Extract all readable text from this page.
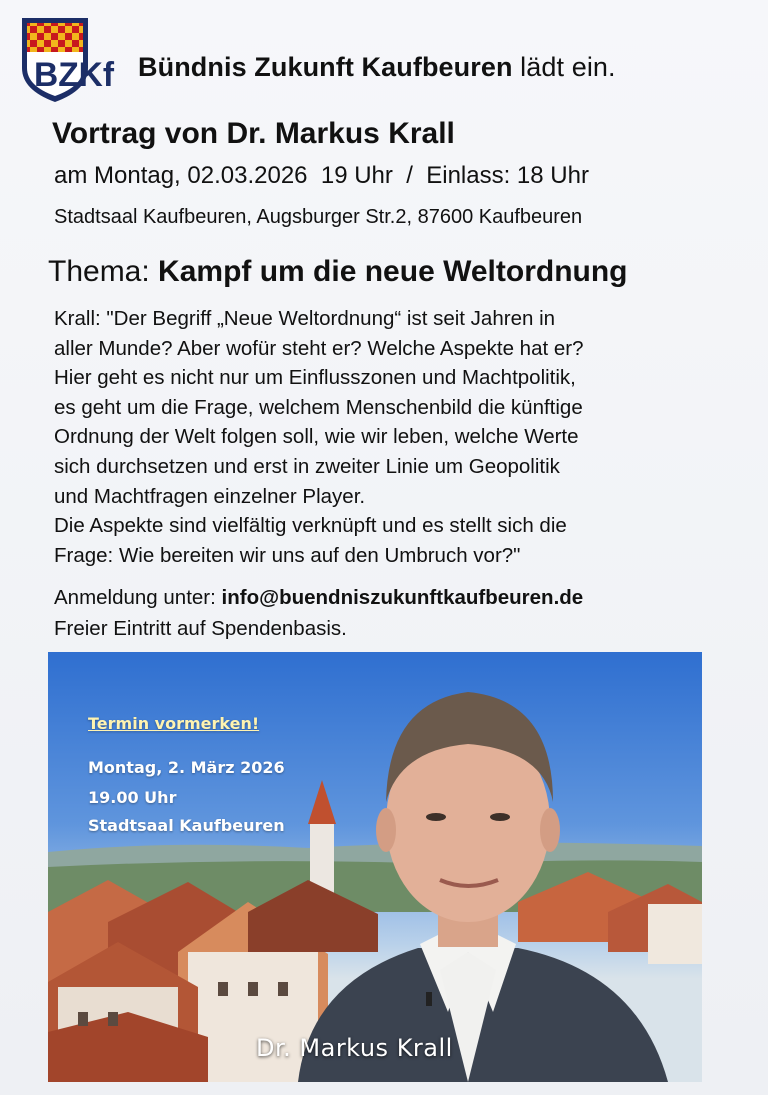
BZKf Bündnis Zukunft Kaufbeuren lädt ein.
Vortrag von Dr. Markus Krall
am Montag, 02.03.2026  19 Uhr  /  Einlass: 18 Uhr
Stadtsaal Kaufbeuren, Augsburger Str.2, 87600 Kaufbeuren
Thema: Kampf um die neue Weltordnung
Krall: "Der Begriff „Neue Weltordnung“ ist seit Jahren in
aller Munde? Aber wofür steht er? Welche Aspekte hat er?
Hier geht es nicht nur um Einflusszonen und Machtpolitik,
es geht um die Frage, welchem Menschenbild die künftige
Ordnung der Welt folgen soll, wie wir leben, welche Werte
sich durchsetzen und erst in zweiter Linie um Geopolitik
und Machtfragen einzelner Player.
Die Aspekte sind vielfältig verknüpft und es stellt sich die
Frage: Wie bereiten wir uns auf den Umbruch vor?"
Anmeldung unter: info@buendniszukunftkaufbeuren.de
Freier Eintritt auf Spendenbasis.
Termin vormerken!
Montag, 2. März 2026
19.00 Uhr
Stadtsaal Kaufbeuren
Dr. Markus Krall
